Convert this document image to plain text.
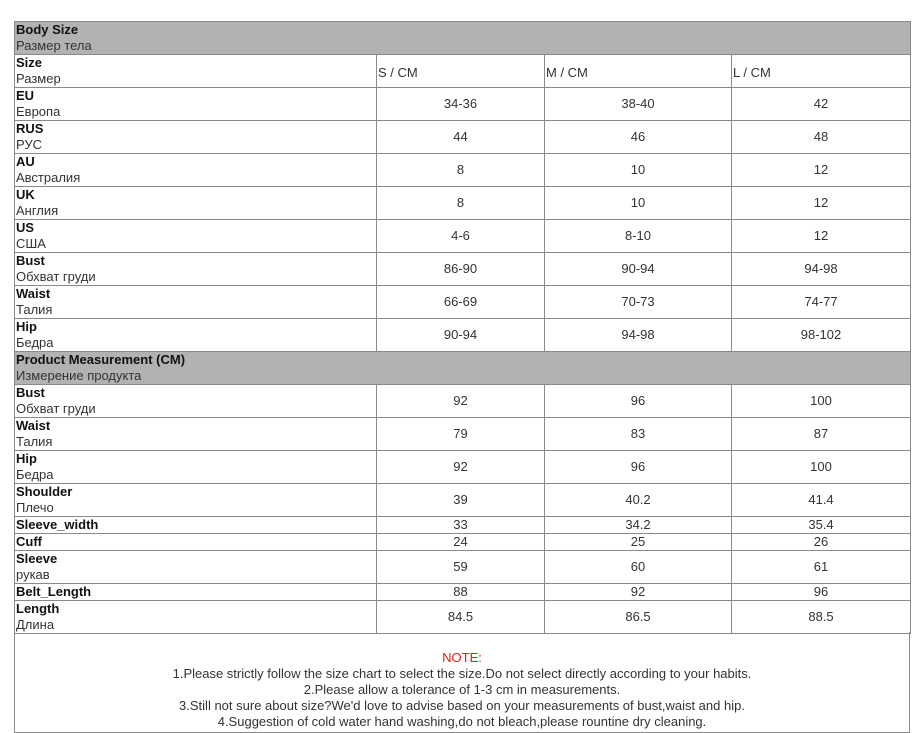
Body Size
Размер тела			

Size
Размер	S / CM	M / CM	L / CM

EU
Европа	34-36	38-40	42

RUS
РУС	44	46	48

AU
Австралия	8	10	12

UK
Англия	8	10	12

US
США	4-6	8-10	12

Bust
Обхват груди	86-90	90-94	94-98

Waist
Талия	66-69	70-73	74-77

Hip
Бедра	90-94	94-98	98-102

Product Measurement (CM)
Измерение продукта			

Bust
Обхват груди	92	96	100

Waist
Талия	79	83	87

Hip
Бедра	92	96	100

Shoulder
Плечо	39	40.2	41.4

Sleeve_width	33	34.2	35.4

Cuff	24	25	26

Sleeve
рукав	59	60	61

Belt_Length	88	92	96

Length
Длина	84.5	86.5	88.5
NOTE:
1.Please strictly follow the size chart to select the size.Do not select directly according to your habits.
2.Please allow a tolerance of 1-3 cm in measurements.
3.Still not sure about size?We'd love to advise based on your measurements of bust,waist and hip.
4.Suggestion of cold water hand washing,do not bleach,please rountine dry cleaning.
